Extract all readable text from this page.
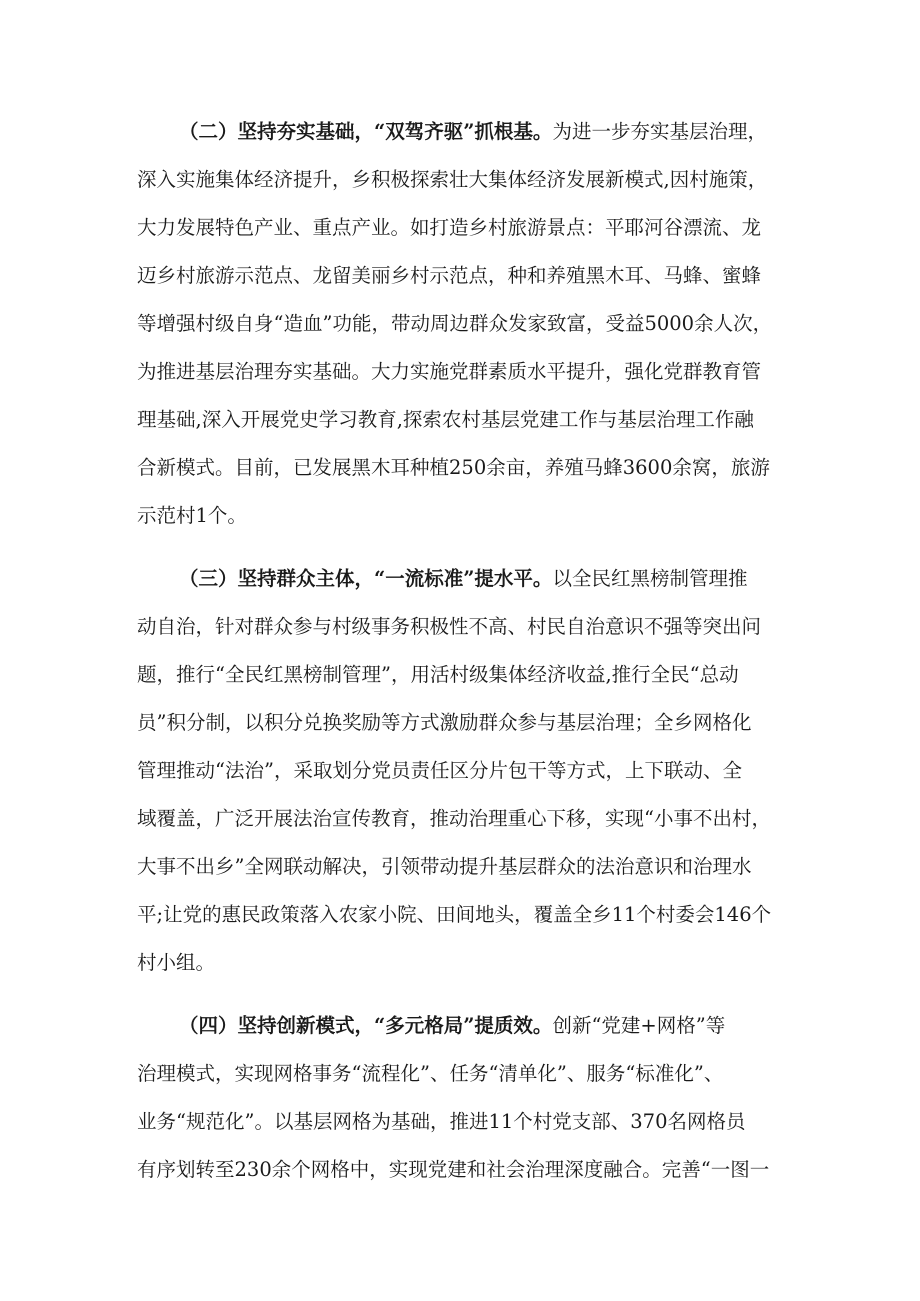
（二）坚持夯实基础，“双驾齐驱”抓根基。为进一步夯实基层治理，
深入实施集体经济提升，乡积极探索壮大集体经济发展新模式,因村施策，
大力发展特色产业、重点产业。如打造乡村旅游景点：平耶河谷漂流、龙
迈乡村旅游示范点、龙留美丽乡村示范点，种和养殖黑木耳、马蜂、蜜蜂
等增强村级自身“造血”功能，带动周边群众发家致富，受益5000余人次，
为推进基层治理夯实基础。大力实施党群素质水平提升，强化党群教育管
理基础,深入开展党史学习教育,探索农村基层党建工作与基层治理工作融
合新模式。目前，已发展黑木耳种植250余亩，养殖马蜂3600余窝，旅游
示范村1个。
（三）坚持群众主体，“一流标准”提水平。以全民红黑榜制管理推
动自治，针对群众参与村级事务积极性不高、村民自治意识不强等突出问
题，推行“全民红黑榜制管理”，用活村级集体经济收益,推行全民“总动
员”积分制，以积分兑换奖励等方式激励群众参与基层治理；全乡网格化
管理推动“法治”，采取划分党员责任区分片包干等方式，上下联动、全
域覆盖，广泛开展法治宣传教育，推动治理重心下移，实现“小事不出村，
大事不出乡”全网联动解决，引领带动提升基层群众的法治意识和治理水
平;让党的惠民政策落入农家小院、田间地头，覆盖全乡11个村委会146个
村小组。
（四）坚持创新模式，“多元格局”提质效。创新“党建+网格”等
治理模式，实现网格事务“流程化”、任务“清单化”、服务“标准化”、
业务“规范化”。以基层网格为基础，推进11个村党支部、370名网格员
有序划转至230余个网格中，实现党建和社会治理深度融合。完善“一图一
